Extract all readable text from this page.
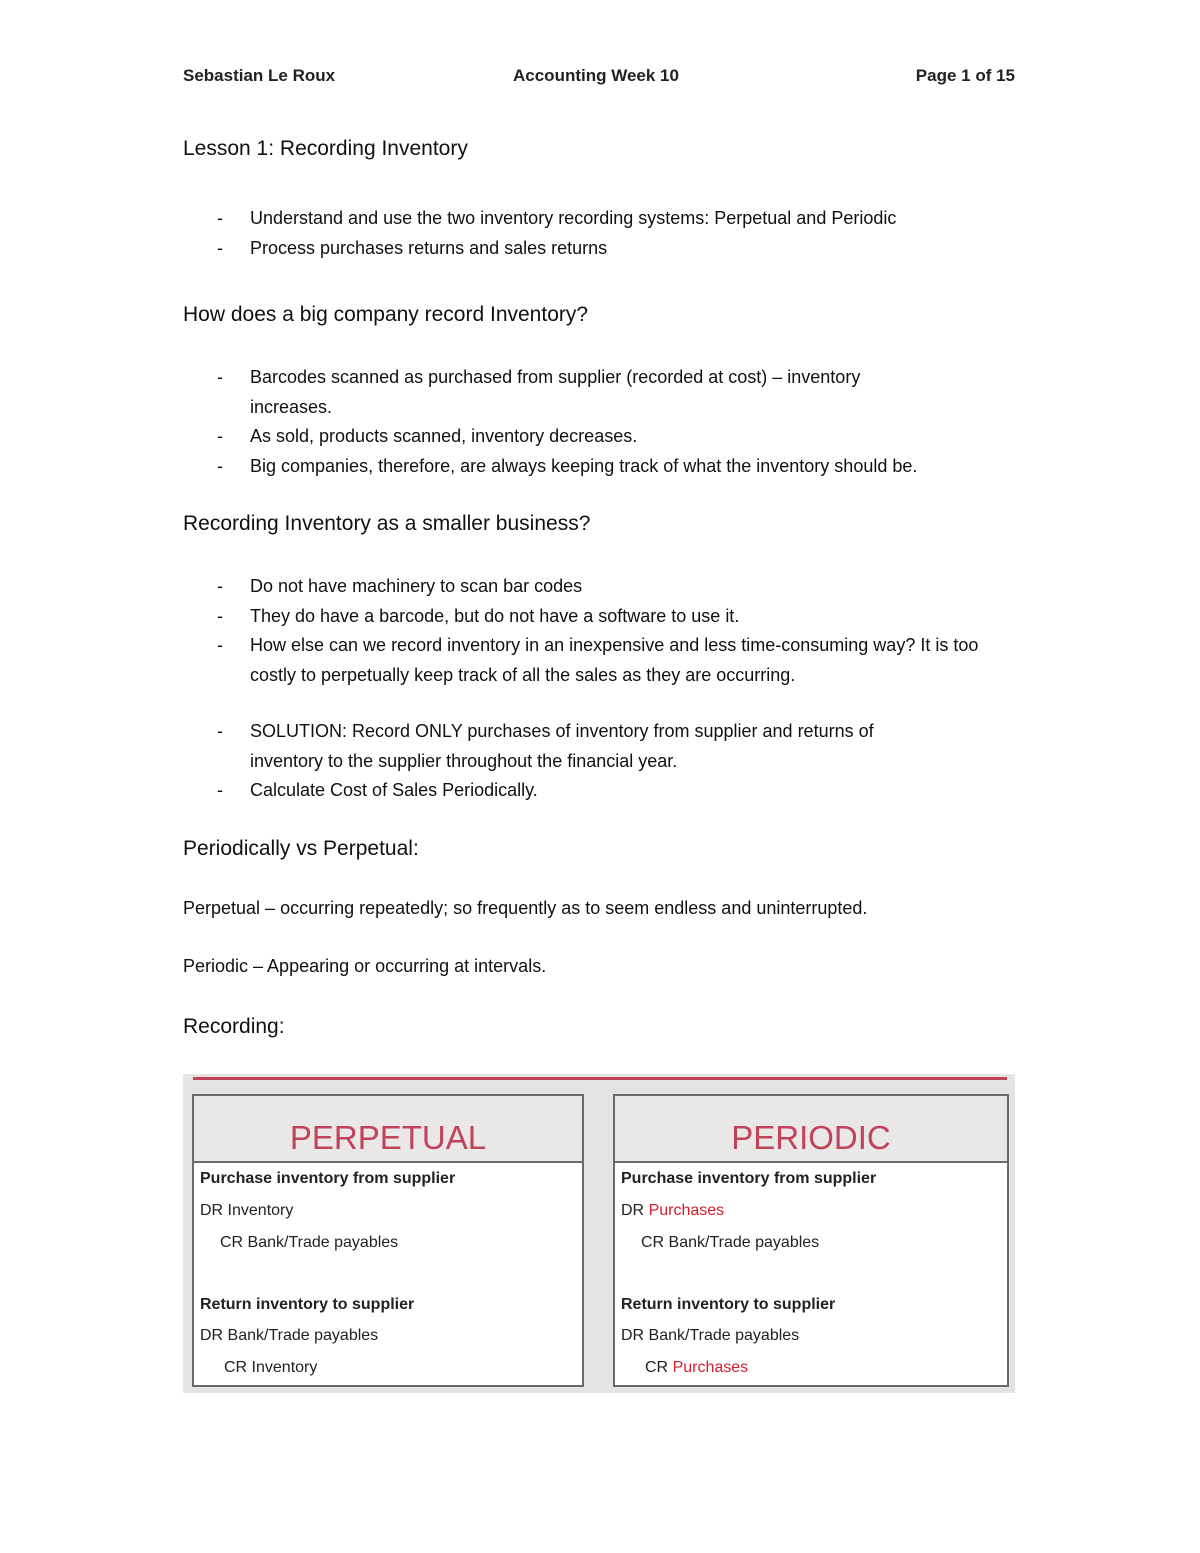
Sebastian Le Roux	Accounting Week 10	Page 1 of 15
Lesson 1: Recording Inventory
- Understand and use the two inventory recording systems: Perpetual and Periodic
- Process purchases returns and sales returns
How does a big company record Inventory?
- Barcodes scanned as purchased from supplier (recorded at cost) – inventory increases.
- As sold, products scanned, inventory decreases.
- Big companies, therefore, are always keeping track of what the inventory should be.
Recording Inventory as a smaller business?
- Do not have machinery to scan bar codes
- They do have a barcode, but do not have a software to use it.
- How else can we record inventory in an inexpensive and less time-consuming way? It is too costly to perpetually keep track of all the sales as they are occurring.
- SOLUTION: Record ONLY purchases of inventory from supplier and returns of inventory to the supplier throughout the financial year.
- Calculate Cost of Sales Periodically.
Periodically vs Perpetual:
Perpetual – occurring repeatedly; so frequently as to seem endless and uninterrupted.
Periodic – Appearing or occurring at intervals.
Recording:
PERPETUAL
Purchase inventory from supplier
DR Inventory
CR Bank/Trade payables
Return inventory to supplier
DR Bank/Trade payables
CR Inventory
PERIODIC
Purchase inventory from supplier
DR Purchases
CR Bank/Trade payables
Return inventory to supplier
DR Bank/Trade payables
CR Purchases
